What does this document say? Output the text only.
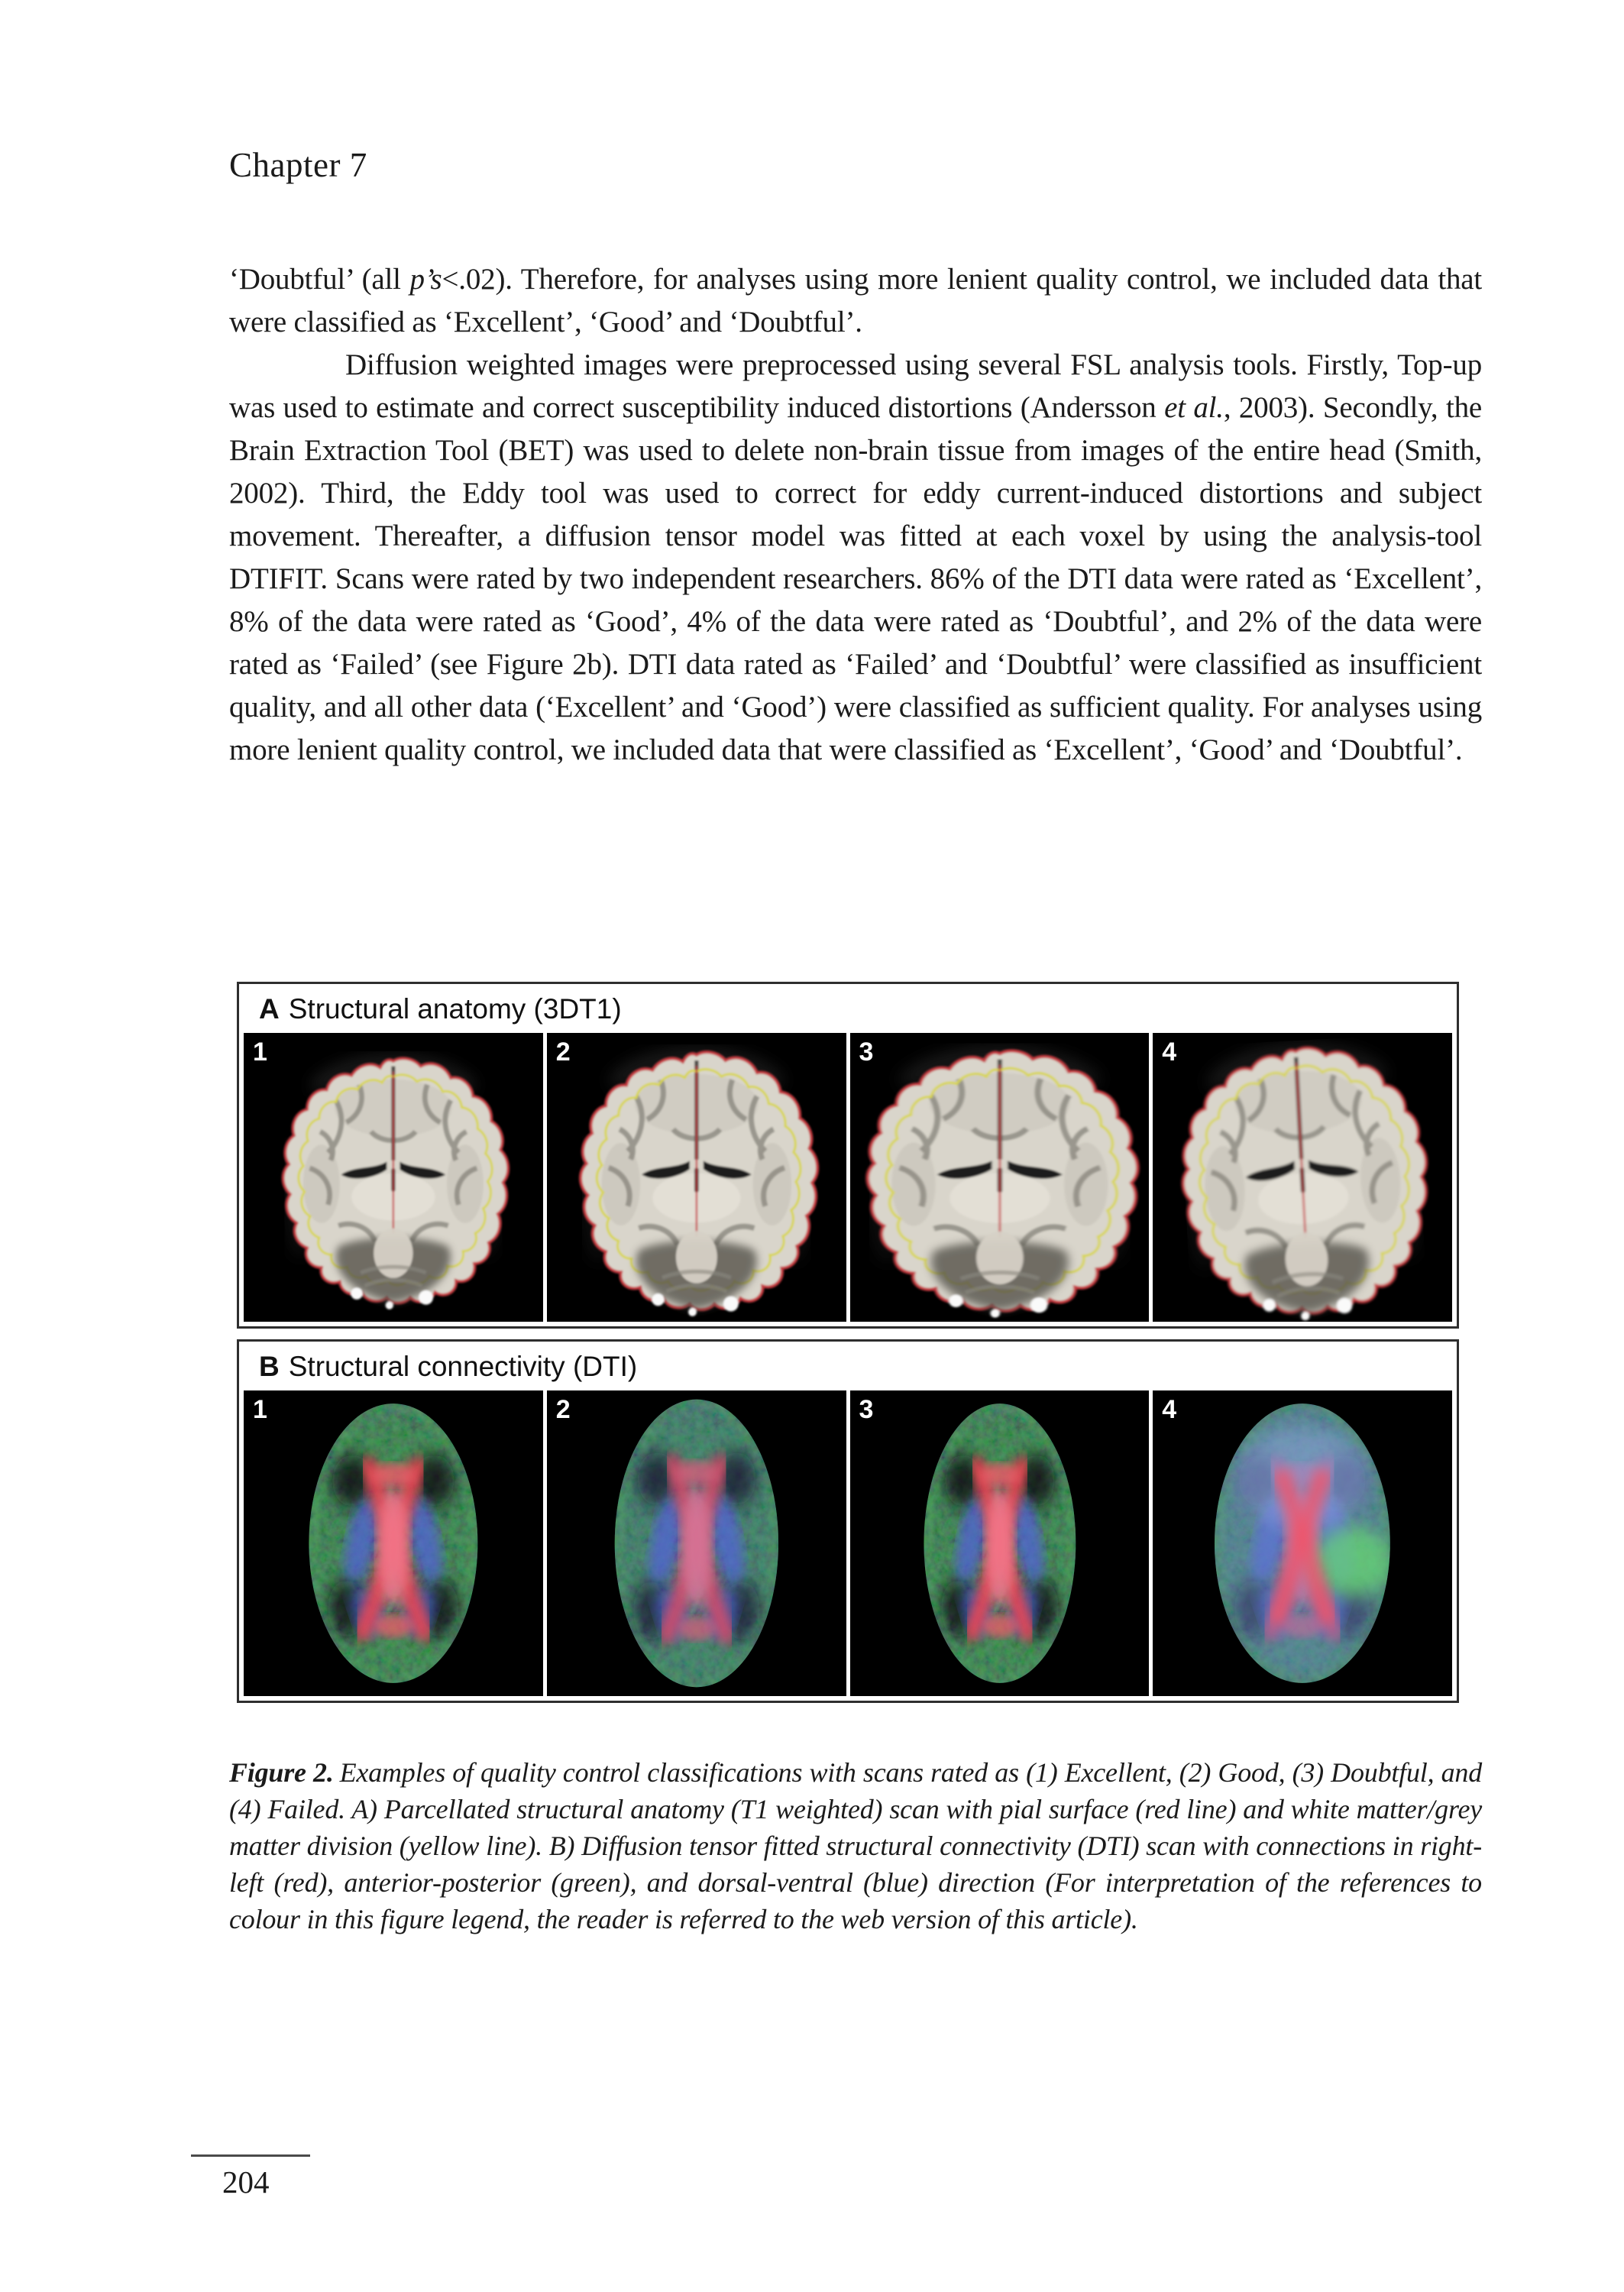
Chapter 7

‘Doubtful’ (all p’s<.02). Therefore, for analyses using more lenient quality control, we included data that were classified as ‘Excellent’, ‘Good’ and ‘Doubtful’.

Diffusion weighted images were preprocessed using several FSL analysis tools. Firstly, Top-up was used to estimate and correct susceptibility induced distortions (Andersson et al., 2003). Secondly, the Brain Extraction Tool (BET) was used to delete non-brain tissue from images of the entire head (Smith, 2002). Third, the Eddy tool was used to correct for eddy current-induced distortions and subject movement. Thereafter, a diffusion tensor model was fitted at each voxel by using the analysis-tool DTIFIT. Scans were rated by two independent researchers. 86% of the DTI data were rated as ‘Excellent’, 8% of the data were rated as ‘Good’, 4% of the data were rated as ‘Doubtful’, and 2% of the data were rated as ‘Failed’ (see Figure 2b). DTI data rated as ‘Failed’ and ‘Doubtful’ were classified as insufficient quality, and all other data (‘Excellent’ and ‘Good’) were classified as sufficient quality. For analyses using more lenient quality control, we included data that were classified as ‘Excellent’, ‘Good’ and ‘Doubtful’.

A Structural anatomy (3DT1)
1	2	3	4
B Structural connectivity (DTI)
1	2	3	4
Figure 2. Examples of quality control classifications with scans rated as (1) Excellent, (2) Good, (3) Doubtful, and (4) Failed. A) Parcellated structural anatomy (T1 weighted) scan with pial surface (red line) and white matter/grey matter division (yellow line). B) Diffusion tensor fitted structural connectivity (DTI) scan with connections in right-left (red), anterior-posterior (green), and dorsal-ventral (blue) direction (For interpretation of the references to colour in this figure legend, the reader is referred to the web version of this article).
204
